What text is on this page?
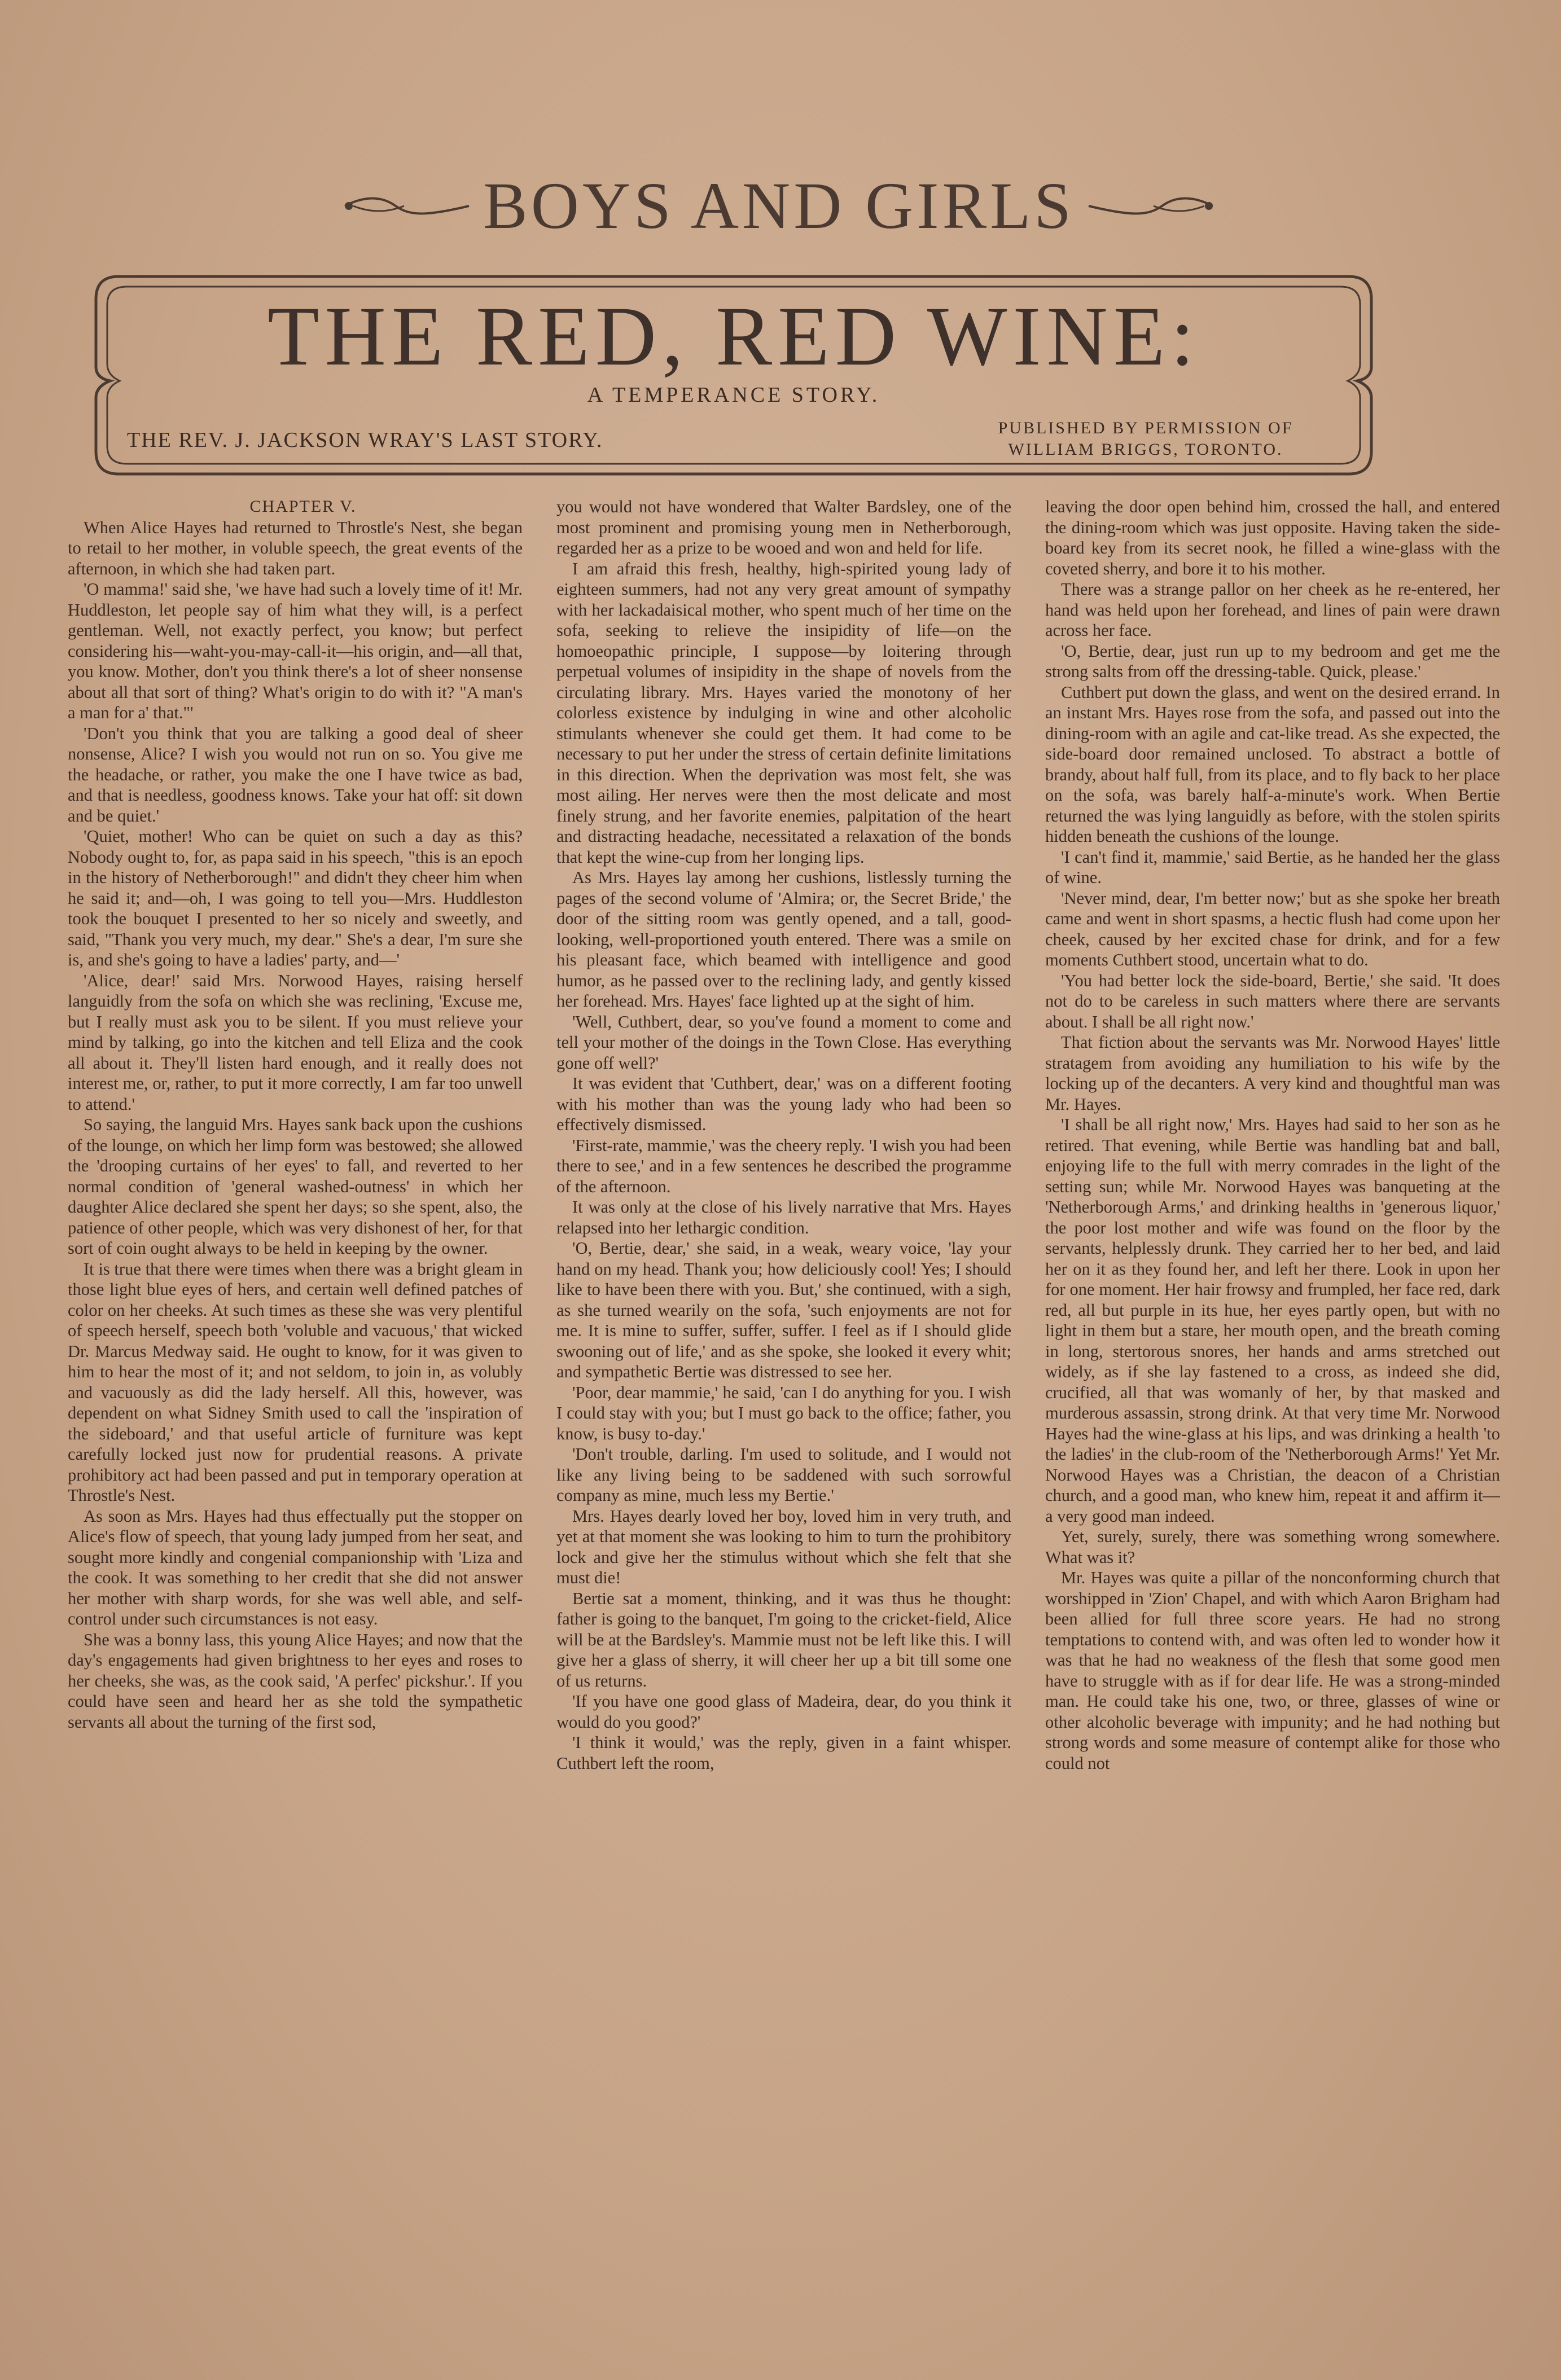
BOYS AND GIRLS
THE RED, RED WINE:
A TEMPERANCE STORY.
THE REV. J. JACKSON WRAY'S LAST STORY.
PUBLISHED BY PERMISSION OF
WILLIAM BRIGGS, TORONTO.

CHAPTER V.

When Alice Hayes had returned to Throstle's Nest, she began to retail to her mother, in voluble speech, the great events of the afternoon, in which she had taken part.

'O mamma!' said she, 'we have had such a lovely time of it! Mr. Huddleston, let people say of him what they will, is a perfect gentleman. Well, not exactly perfect, you know; but perfect considering his—waht-you-may-call-it—his origin, and—all that, you know. Mother, don't you think there's a lot of sheer nonsense about all that sort of thing? What's origin to do with it? "A man's a man for a' that."'

'Don't you think that you are talking a good deal of sheer nonsense, Alice? I wish you would not run on so. You give me the headache, or rather, you make the one I have twice as bad, and that is needless, goodness knows. Take your hat off: sit down and be quiet.'

'Quiet, mother! Who can be quiet on such a day as this? Nobody ought to, for, as papa said in his speech, "this is an epoch in the history of Netherborough!" and didn't they cheer him when he said it; and—oh, I was going to tell you—Mrs. Huddleston took the bouquet I presented to her so nicely and sweetly, and said, "Thank you very much, my dear." She's a dear, I'm sure she is, and she's going to have a ladies' party, and—'

'Alice, dear!' said Mrs. Norwood Hayes, raising herself languidly from the sofa on which she was reclining, 'Excuse me, but I really must ask you to be silent. If you must relieve your mind by talking, go into the kitchen and tell Eliza and the cook all about it. They'll listen hard enough, and it really does not interest me, or, rather, to put it more correctly, I am far too unwell to attend.'

So saying, the languid Mrs. Hayes sank back upon the cushions of the lounge, on which her limp form was bestowed; she allowed the 'drooping curtains of her eyes' to fall, and reverted to her normal condition of 'general washed-outness' in which her daughter Alice declared she spent her days; so she spent, also, the patience of other people, which was very dishonest of her, for that sort of coin ought always to be held in keeping by the owner.

It is true that there were times when there was a bright gleam in those light blue eyes of hers, and certain well defined patches of color on her cheeks. At such times as these she was very plentiful of speech herself, speech both 'voluble and vacuous,' that wicked Dr. Marcus Medway said. He ought to know, for it was given to him to hear the most of it; and not seldom, to join in, as volubly and vacuously as did the lady herself. All this, however, was dependent on what Sidney Smith used to call the 'inspiration of the sideboard,' and that useful article of furniture was kept carefully locked just now for prudential reasons. A private prohibitory act had been passed and put in temporary operation at Throstle's Nest.

As soon as Mrs. Hayes had thus effectually put the stopper on Alice's flow of speech, that young lady jumped from her seat, and sought more kindly and congenial companionship with 'Liza and the cook. It was something to her credit that she did not answer her mother with sharp words, for she was well able, and self-control under such circumstances is not easy.

She was a bonny lass, this young Alice Hayes; and now that the day's engagements had given brightness to her eyes and roses to her cheeks, she was, as the cook said, 'A perfec' pickshur.'. If you could have seen and heard her as she told the sympathetic servants all about the turning of the first sod,

you would not have wondered that Walter Bardsley, one of the most prominent and promising young men in Netherborough, regarded her as a prize to be wooed and won and held for life.

I am afraid this fresh, healthy, high-spirited young lady of eighteen summers, had not any very great amount of sympathy with her lackadaisical mother, who spent much of her time on the sofa, seeking to relieve the insipidity of life—on the homoeopathic principle, I suppose—by loitering through perpetual volumes of insipidity in the shape of novels from the circulating library. Mrs. Hayes varied the monotony of her colorless existence by indulging in wine and other alcoholic stimulants whenever she could get them. It had come to be necessary to put her under the stress of certain definite limitations in this direction. When the deprivation was most felt, she was most ailing. Her nerves were then the most delicate and most finely strung, and her favorite enemies, palpitation of the heart and distracting headache, necessitated a relaxation of the bonds that kept the wine-cup from her longing lips.

As Mrs. Hayes lay among her cushions, listlessly turning the pages of the second volume of 'Almira; or, the Secret Bride,' the door of the sitting room was gently opened, and a tall, good-looking, well-proportioned youth entered. There was a smile on his pleasant face, which beamed with intelligence and good humor, as he passed over to the reclining lady, and gently kissed her forehead. Mrs. Hayes' face lighted up at the sight of him.

'Well, Cuthbert, dear, so you've found a moment to come and tell your mother of the doings in the Town Close. Has everything gone off well?'

It was evident that 'Cuthbert, dear,' was on a different footing with his mother than was the young lady who had been so effectively dismissed.

'First-rate, mammie,' was the cheery reply. 'I wish you had been there to see,' and in a few sentences he described the programme of the afternoon.

It was only at the close of his lively narrative that Mrs. Hayes relapsed into her lethargic condition.

'O, Bertie, dear,' she said, in a weak, weary voice, 'lay your hand on my head. Thank you; how deliciously cool! Yes; I should like to have been there with you. But,' she continued, with a sigh, as she turned wearily on the sofa, 'such enjoyments are not for me. It is mine to suffer, suffer, suffer. I feel as if I should glide swooning out of life,' and as she spoke, she looked it every whit; and sympathetic Bertie was distressed to see her.

'Poor, dear mammie,' he said, 'can I do anything for you. I wish I could stay with you; but I must go back to the office; father, you know, is busy to-day.'

'Don't trouble, darling. I'm used to solitude, and I would not like any living being to be saddened with such sorrowful company as mine, much less my Bertie.'

Mrs. Hayes dearly loved her boy, loved him in very truth, and yet at that moment she was looking to him to turn the prohibitory lock and give her the stimulus without which she felt that she must die!

Bertie sat a moment, thinking, and it was thus he thought: father is going to the banquet, I'm going to the cricket-field, Alice will be at the Bardsley's. Mammie must not be left like this. I will give her a glass of sherry, it will cheer her up a bit till some one of us returns.

'If you have one good glass of Madeira, dear, do you think it would do you good?'

'I think it would,' was the reply, given in a faint whisper. Cuthbert left the room,

leaving the door open behind him, crossed the hall, and entered the dining-room which was just opposite. Having taken the side-board key from its secret nook, he filled a wine-glass with the coveted sherry, and bore it to his mother.

There was a strange pallor on her cheek as he re-entered, her hand was held upon her forehead, and lines of pain were drawn across her face.

'O, Bertie, dear, just run up to my bedroom and get me the strong salts from off the dressing-table. Quick, please.'

Cuthbert put down the glass, and went on the desired errand. In an instant Mrs. Hayes rose from the sofa, and passed out into the dining-room with an agile and cat-like tread. As she expected, the side-board door remained unclosed. To abstract a bottle of brandy, about half full, from its place, and to fly back to her place on the sofa, was barely half-a-minute's work. When Bertie returned the was lying languidly as before, with the stolen spirits hidden beneath the cushions of the lounge.

'I can't find it, mammie,' said Bertie, as he handed her the glass of wine.

'Never mind, dear, I'm better now;' but as she spoke her breath came and went in short spasms, a hectic flush had come upon her cheek, caused by her excited chase for drink, and for a few moments Cuthbert stood, uncertain what to do.

'You had better lock the side-board, Bertie,' she said. 'It does not do to be careless in such matters where there are servants about. I shall be all right now.'

That fiction about the servants was Mr. Norwood Hayes' little stratagem from avoiding any humiliation to his wife by the locking up of the decanters. A very kind and thoughtful man was Mr. Hayes.

'I shall be all right now,' Mrs. Hayes had said to her son as he retired. That evening, while Bertie was handling bat and ball, enjoying life to the full with merry comrades in the light of the setting sun; while Mr. Norwood Hayes was banqueting at the 'Netherborough Arms,' and drinking healths in 'generous liquor,' the poor lost mother and wife was found on the floor by the servants, helplessly drunk. They carried her to her bed, and laid her on it as they found her, and left her there. Look in upon her for one moment. Her hair frowsy and frumpled, her face red, dark red, all but purple in its hue, her eyes partly open, but with no light in them but a stare, her mouth open, and the breath coming in long, stertorous snores, her hands and arms stretched out widely, as if she lay fastened to a cross, as indeed she did, crucified, all that was womanly of her, by that masked and murderous assassin, strong drink. At that very time Mr. Norwood Hayes had the wine-glass at his lips, and was drinking a health 'to the ladies' in the club-room of the 'Netherborough Arms!' Yet Mr. Norwood Hayes was a Christian, the deacon of a Christian church, and a good man, who knew him, repeat it and affirm it—a very good man indeed.

Yet, surely, surely, there was something wrong somewhere. What was it?

Mr. Hayes was quite a pillar of the nonconforming church that worshipped in 'Zion' Chapel, and with which Aaron Brigham had been allied for full three score years. He had no strong temptations to contend with, and was often led to wonder how it was that he had no weakness of the flesh that some good men have to struggle with as if for dear life. He was a strong-minded man. He could take his one, two, or three, glasses of wine or other alcoholic beverage with impunity; and he had nothing but strong words and some measure of contempt alike for those who could not
